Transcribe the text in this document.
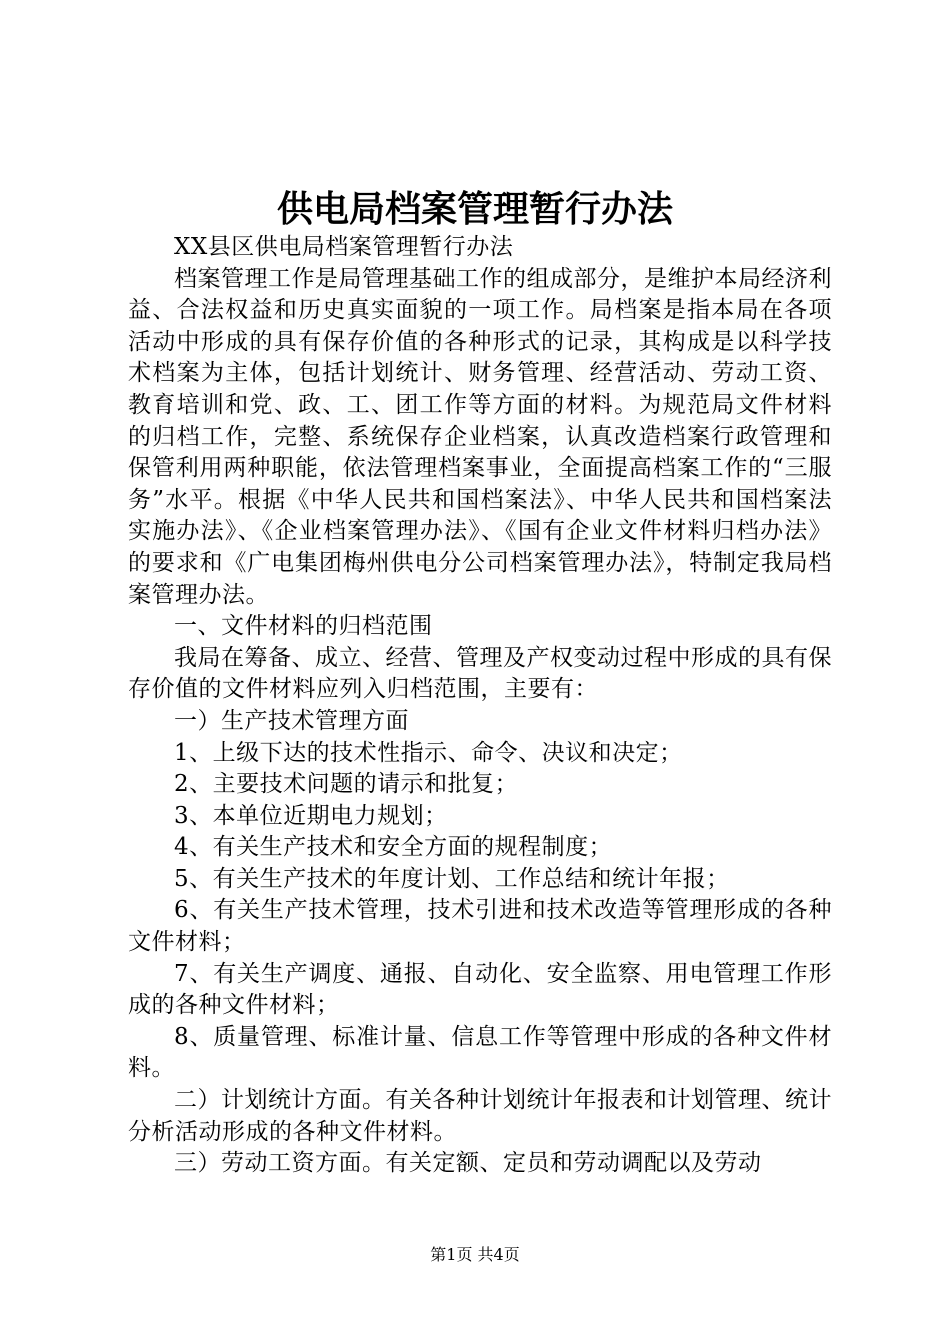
供电局档案管理暂行办法

XX县区供电局档案管理暂行办法

档案管理工作是局管理基础工作的组成部分，是维护本局经济利益、合法权益和历史真实面貌的一项工作。局档案是指本局在各项活动中形成的具有保存价值的各种形式的记录，其构成是以科学技术档案为主体，包括计划统计、财务管理、经营活动、劳动工资、教育培训和党、政、工、团工作等方面的材料。为规范局文件材料的归档工作，完整、系统保存企业档案，认真改造档案行政管理和保管利用两种职能，依法管理档案事业，全面提高档案工作的“三服务”水平。根据《中华人民共和国档案法》、中华人民共和国档案法实施办法》、《企业档案管理办法》、《国有企业文件材料归档办法》的要求和《广电集团梅州供电分公司档案管理办法》，特制定我局档案管理办法。

一、文件材料的归档范围

我局在筹备、成立、经营、管理及产权变动过程中形成的具有保存价值的文件材料应列入归档范围，主要有：

一）生产技术管理方面

1、上级下达的技术性指示、命令、决议和决定；

2、主要技术问题的请示和批复；

3、本单位近期电力规划；

4、有关生产技术和安全方面的规程制度；

5、有关生产技术的年度计划、工作总结和统计年报；

6、有关生产技术管理，技术引进和技术改造等管理形成的各种文件材料；

7、有关生产调度、通报、自动化、安全监察、用电管理工作形成的各种文件材料；

8、质量管理、标准计量、信息工作等管理中形成的各种文件材料。

二）计划统计方面。有关各种计划统计年报表和计划管理、统计分析活动形成的各种文件材料。

三）劳动工资方面。有关定额、定员和劳动调配以及劳动

第1页 共4页
